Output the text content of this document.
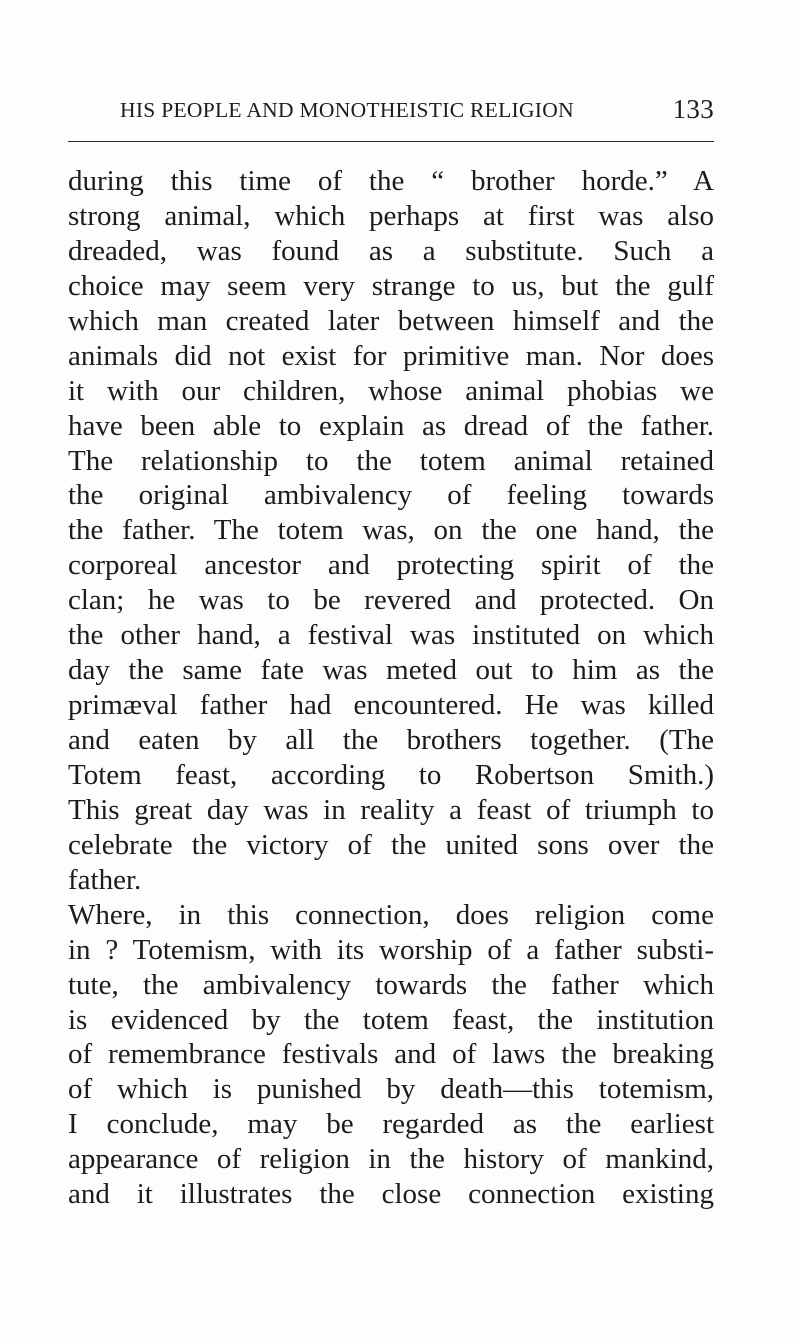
HIS PEOPLE AND MONOTHEISTIC RELIGION	133
during this time of the “ brother horde.” A
strong animal, which perhaps at first was also
dreaded, was found as a substitute. Such a
choice may seem very strange to us, but the gulf
which man created later between himself and the
animals did not exist for primitive man. Nor does
it with our children, whose animal phobias we
have been able to explain as dread of the father.
The relationship to the totem animal retained
the original ambivalency of feeling towards
the father. The totem was, on the one hand, the
corporeal ancestor and protecting spirit of the
clan; he was to be revered and protected. On
the other hand, a festival was instituted on which
day the same fate was meted out to him as the
primæval father had encountered. He was killed
and eaten by all the brothers together. (The
Totem feast, according to Robertson Smith.)
This great day was in reality a feast of triumph to
celebrate the victory of the united sons over the
father.
Where, in this connection, does religion come
in ? Totemism, with its worship of a father substi-
tute, the ambivalency towards the father which
is evidenced by the totem feast, the institution
of remembrance festivals and of laws the breaking
of which is punished by death—this totemism,
I conclude, may be regarded as the earliest
appearance of religion in the history of mankind,
and it illustrates the close connection existing
